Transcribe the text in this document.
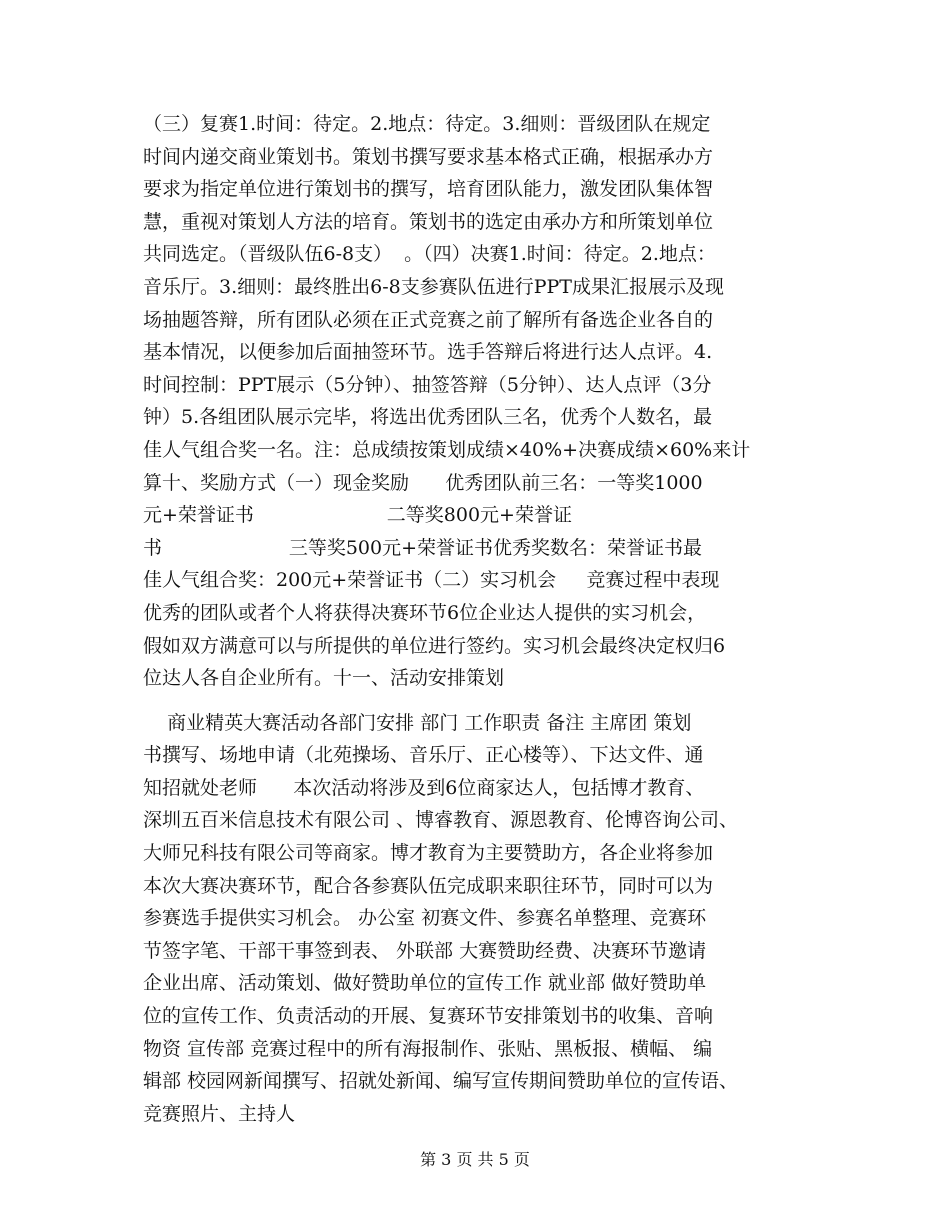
（三）复赛1.时间：待定。2.地点：待定。3.细则：晋级团队在规定
时间内递交商业策划书。策划书撰写要求基本格式正确，根据承办方
要求为指定单位进行策划书的撰写，培育团队能力，激发团队集体智
慧，重视对策划人方法的培育。策划书的选定由承办方和所策划单位
共同选定。（晋级队伍6-8支）  。（四）决赛1.时间：待定。2.地点：
音乐厅。3.细则：最终胜出6-8支参赛队伍进行PPT成果汇报展示及现
场抽题答辩，所有团队必须在正式竞赛之前了解所有备选企业各自的
基本情况，以便参加后面抽签环节。选手答辩后将进行达人点评。4.
时间控制：PPT展示（5分钟）、抽签答辩（5分钟）、达人点评（3分
钟）5.各组团队展示完毕，将选出优秀团队三名，优秀个人数名，最
佳人气组合奖一名。注：总成绩按策划成绩×40%+决赛成绩×60%来计
算十、奖励方式（一）现金奖励      优秀团队前三名：一等奖1000
元+荣誉证书                      二等奖800元+荣誉证
书                     三等奖500元+荣誉证书优秀奖数名：荣誉证书最
佳人气组合奖：200元+荣誉证书（二）实习机会     竞赛过程中表现
优秀的团队或者个人将获得决赛环节6位企业达人提供的实习机会，
假如双方满意可以与所提供的单位进行签约。实习机会最终决定权归6
位达人各自企业所有。十一、活动安排策划
商业精英大赛活动各部门安排 部门 工作职责 备注 主席团 策划
书撰写、场地申请（北苑操场、音乐厅、正心楼等）、下达文件、通
知招就处老师      本次活动将涉及到6位商家达人，包括博才教育、
深圳五百米信息技术有限公司 、博睿教育、源恩教育、伦博咨询公司、
大师兄科技有限公司等商家。博才教育为主要赞助方，各企业将参加
本次大赛决赛环节，配合各参赛队伍完成职来职往环节，同时可以为
参赛选手提供实习机会。 办公室 初赛文件、参赛名单整理、竞赛环
节签字笔、干部干事签到表、 外联部 大赛赞助经费、决赛环节邀请
企业出席、活动策划、做好赞助单位的宣传工作 就业部 做好赞助单
位的宣传工作、负责活动的开展、复赛环节安排策划书的收集、音响
物资 宣传部 竞赛过程中的所有海报制作、张贴、黑板报、横幅、 编
辑部 校园网新闻撰写、招就处新闻、编写宣传期间赞助单位的宣传语、
竞赛照片、主持人
第 3 页 共 5 页
